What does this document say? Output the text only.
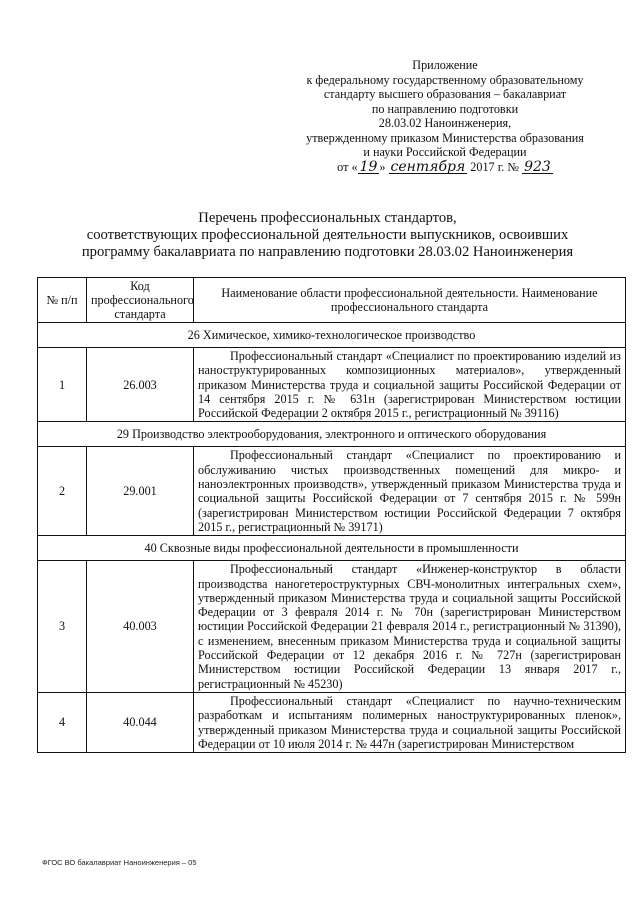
Приложение
к федеральному государственному образовательному
стандарту высшего образования – бакалавриат
по направлению подготовки
28.03.02 Наноинженерия,
утвержденному приказом Министерства образования
и науки Российской Федерации
от « 19 » сентября 2017 г. № 923
Перечень профессиональных стандартов,
соответствующих профессиональной деятельности выпускников, освоивших
программу бакалавриата по направлению подготовки 28.03.02 Наноинженерия
№ п/п	Код профессионального стандарта	Наименование области профессиональной деятельности. Наименование профессионального стандарта
26 Химическое, химико-технологическое производство		
1	26.003	Профессиональный стандарт «Специалист по проектированию изделий из наноструктурированных композиционных материалов», утвержденный приказом Министерства труда и социальной защиты Российской Федерации от 14 сентября 2015 г. № 631н (зарегистрирован Министерством юстиции Российской Федерации 2 октября 2015 г., регистрационный № 39116)

29 Производство электрооборудования, электронного и оптического оборудования		
2	29.001	Профессиональный стандарт «Специалист по проектированию и обслуживанию чистых производственных помещений для микро- и наноэлектронных производств», утвержденный приказом Министерства труда и социальной защиты Российской Федерации от 7 сентября 2015 г. № 599н (зарегистрирован Министерством юстиции Российской Федерации 7 октября 2015 г., регистрационный № 39171)

40 Сквозные виды профессиональной деятельности в промышленности		
3	40.003	Профессиональный стандарт «Инженер-конструктор в области производства наногетероструктурных СВЧ-монолитных интегральных схем», утвержденный приказом Министерства труда и социальной защиты Российской Федерации от 3 февраля 2014 г. № 70н (зарегистрирован Министерством юстиции Российской Федерации 21 февраля 2014 г., регистрационный № 31390), с изменением, внесенным приказом Министерства труда и социальной защиты Российской Федерации от 12 декабря 2016 г. № 727н (зарегистрирован Министерством юстиции Российской Федерации 13 января 2017 г., регистрационный № 45230)

4	40.044	Профессиональный стандарт «Специалист по научно-техническим разработкам и испытаниям полимерных наноструктурированных пленок», утвержденный приказом Министерства труда и социальной защиты Российской Федерации от 10 июля 2014 г. № 447н (зарегистрирован Министерством
ФГОС ВО бакалавриат Наноинженерия – 05
